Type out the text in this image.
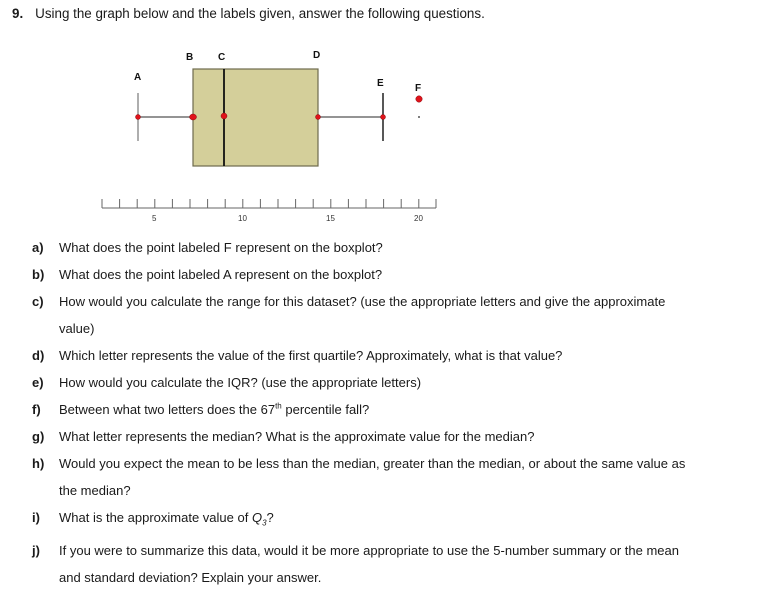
9. Using the graph below and the labels given, answer the following questions.
A
B C	D
E	F
5	10	15	20
a)	What does the point labeled F represent on the boxplot?
b)	What does the point labeled A represent on the boxplot?
c)	How would you calculate the range for this dataset? (use the appropriate letters and give the approximate
value)
d)	Which letter represents the value of the first quartile? Approximately, what is that value?
e)	How would you calculate the IQR? (use the appropriate letters)
f)	Between what two letters does the 67th percentile fall?
g)	What letter represents the median? What is the approximate value for the median?
h)	Would you expect the mean to be less than the median, greater than the median, or about the same value as
the median?
i)	What is the approximate value of $Q_3$?
j)	If you were to summarize this data, would it be more appropriate to use the 5-number summary or the mean
and standard deviation? Explain your answer.
